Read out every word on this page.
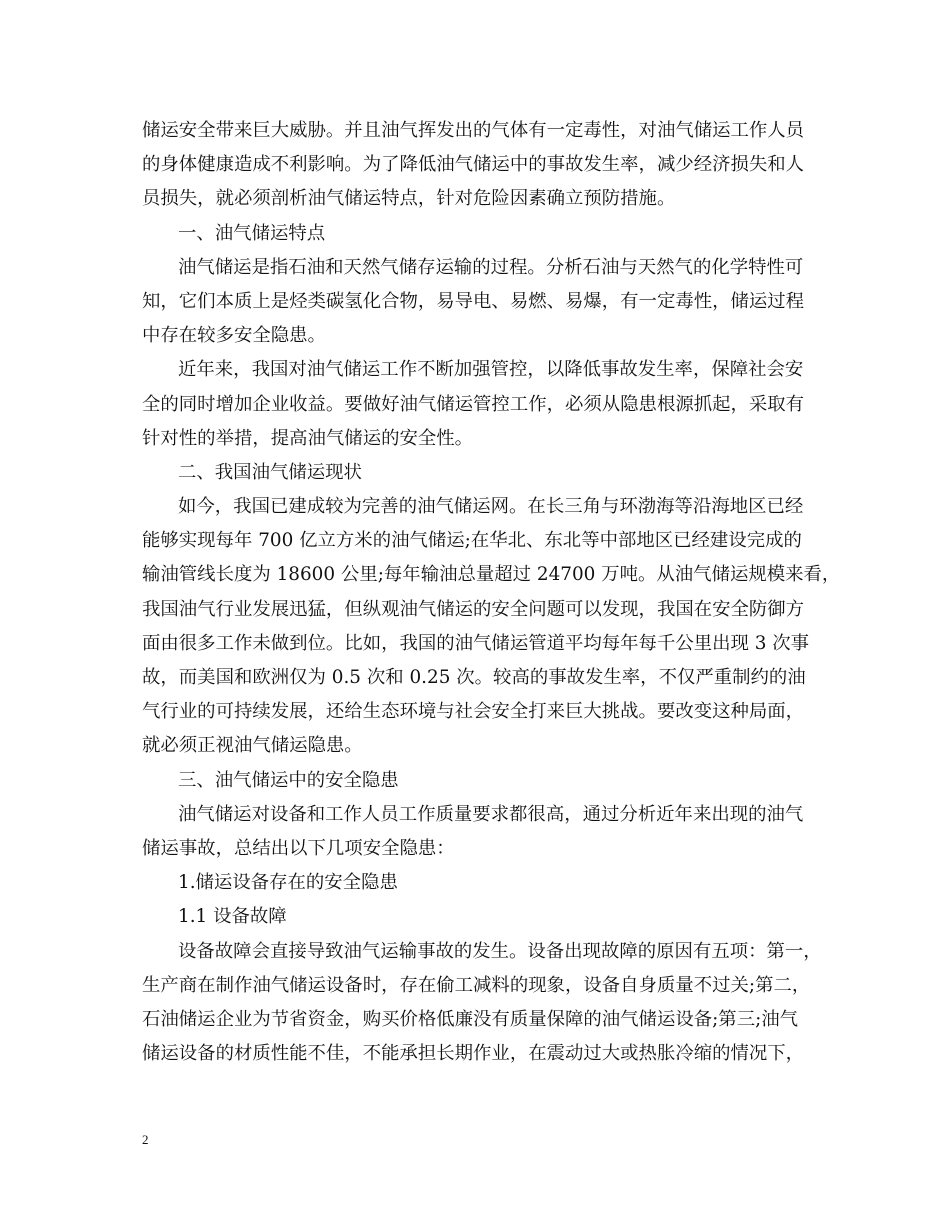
储运安全带来巨大威胁。并且油气挥发出的气体有一定毒性，对油气储运工作人员
的身体健康造成不利影响。为了降低油气储运中的事故发生率，减少经济损失和人
员损失，就必须剖析油气储运特点，针对危险因素确立预防措施。
一、油气储运特点
油气储运是指石油和天然气储存运输的过程。分析石油与天然气的化学特性可
知，它们本质上是烃类碳氢化合物，易导电、易燃、易爆，有一定毒性，储运过程
中存在较多安全隐患。
近年来，我国对油气储运工作不断加强管控，以降低事故发生率，保障社会安
全的同时增加企业收益。要做好油气储运管控工作，必须从隐患根源抓起，采取有
针对性的举措，提高油气储运的安全性。
二、我国油气储运现状
如今，我国已建成较为完善的油气储运网。在长三角与环渤海等沿海地区已经
能够实现每年 700 亿立方米的油气储运;在华北、东北等中部地区已经建设完成的
输油管线长度为 18600 公里;每年输油总量超过 24700 万吨。从油气储运规模来看，
我国油气行业发展迅猛，但纵观油气储运的安全问题可以发现，我国在安全防御方
面由很多工作未做到位。比如，我国的油气储运管道平均每年每千公里出现 3 次事
故，而美国和欧洲仅为 0.5 次和 0.25 次。较高的事故发生率，不仅严重制约的油
气行业的可持续发展，还给生态环境与社会安全打来巨大挑战。要改变这种局面，
就必须正视油气储运隐患。
三、油气储运中的安全隐患
油气储运对设备和工作人员工作质量要求都很高，通过分析近年来出现的油气
储运事故，总结出以下几项安全隐患：
1.储运设备存在的安全隐患
1.1 设备故障
设备故障会直接导致油气运输事故的发生。设备出现故障的原因有五项：第一，
生产商在制作油气储运设备时，存在偷工减料的现象，设备自身质量不过关;第二，
石油储运企业为节省资金，购买价格低廉没有质量保障的油气储运设备;第三;油气
储运设备的材质性能不佳，不能承担长期作业，在震动过大或热胀冷缩的情况下，
2
